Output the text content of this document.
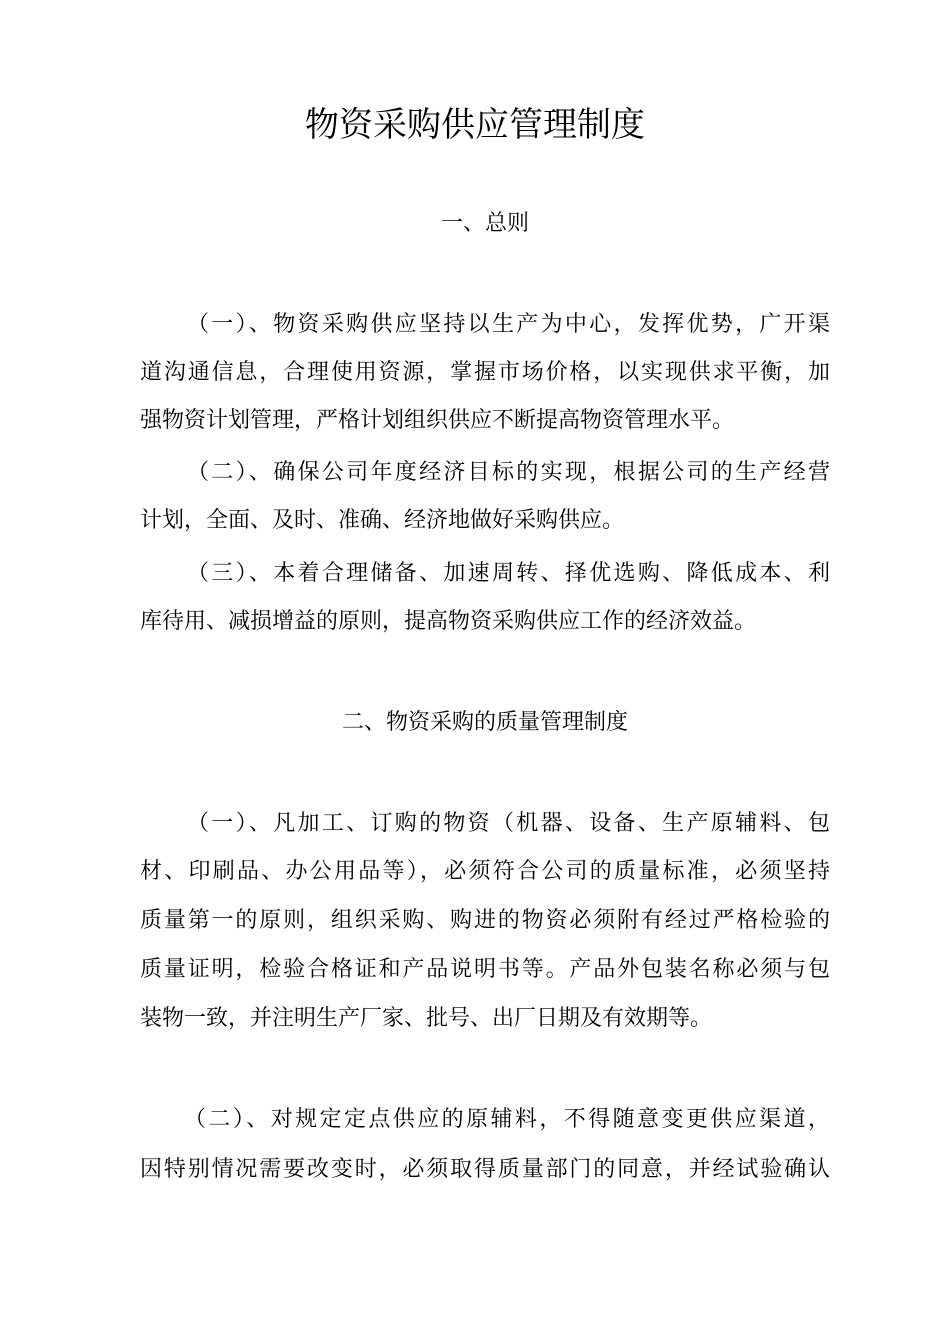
物资采购供应管理制度
一、总则
（一）、物资采购供应坚持以生产为中心，发挥优势，广开渠
道沟通信息，合理使用资源，掌握市场价格，以实现供求平衡，加
强物资计划管理，严格计划组织供应不断提高物资管理水平。
（二）、确保公司年度经济目标的实现，根据公司的生产经营
计划，全面、及时、准确、经济地做好采购供应。
（三）、本着合理储备、加速周转、择优选购、降低成本、利
库待用、减损增益的原则，提高物资采购供应工作的经济效益。
二、物资采购的质量管理制度
（一）、凡加工、订购的物资（机器、设备、生产原辅料、包
材、印刷品、办公用品等），必须符合公司的质量标准，必须坚持
质量第一的原则，组织采购、购进的物资必须附有经过严格检验的
质量证明，检验合格证和产品说明书等。产品外包装名称必须与包
装物一致，并注明生产厂家、批号、出厂日期及有效期等。
（二）、对规定定点供应的原辅料，不得随意变更供应渠道，
因特别情况需要改变时，必须取得质量部门的同意，并经试验确认
